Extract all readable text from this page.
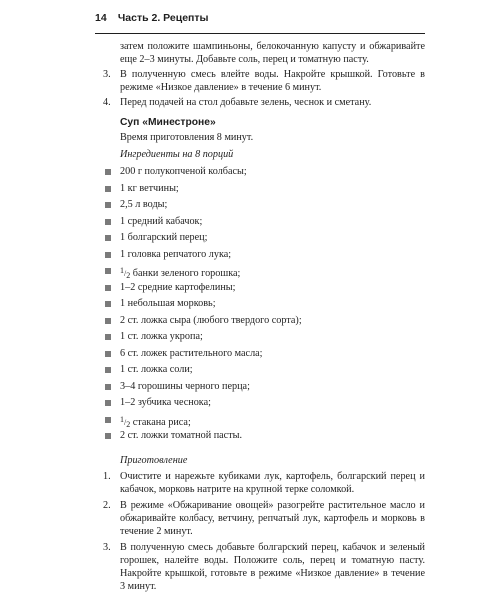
14 Часть 2. Рецепты

затем положите шампиньоны, белокочанную капусту и обжаривайте еще 2–3 минуты. Добавьте соль, перец и томатную пасту.

3. В полученную смесь влейте воды. Накройте крышкой. Готовьте в режиме «Низкое давление» в течение 6 минут.
4. Перед подачей на стол добавьте зелень, чеснок и сметану.
Суп «Минестроне»
Время приготовления 8 минут.
Ингредиенты на 8 порций
200 г полукопченой колбасы;
1 кг ветчины;
2,5 л воды;
1 средний кабачок;
1 болгарский перец;
1 головка репчатого лука;
1/2 банки зеленого горошка;
1–2 средние картофелины;
1 небольшая морковь;
2 ст. ложка сыра (любого твердого сорта);
1 ст. ложка укропа;
6 ст. ложек растительного масла;
1 ст. ложка соли;
3–4 горошины черного перца;
1–2 зубчика чеснока;
1/2 стакана риса;
2 ст. ложки томатной пасты.
Приготовление
1. Очистите и нарежьте кубиками лук, картофель, болгарский перец и кабачок, морковь натрите на крупной терке соломкой.
2. В режиме «Обжаривание овощей» разогрейте растительное масло и обжаривайте колбасу, ветчину, репчатый лук, картофель и морковь в течение 2 минут.
3. В полученную смесь добавьте болгарский перец, кабачок и зеленый горошек, налейте воды. Положите соль, перец и томатную пасту. Накройте крышкой, готовьте в режиме «Низкое давление» в течение 3 минут.
